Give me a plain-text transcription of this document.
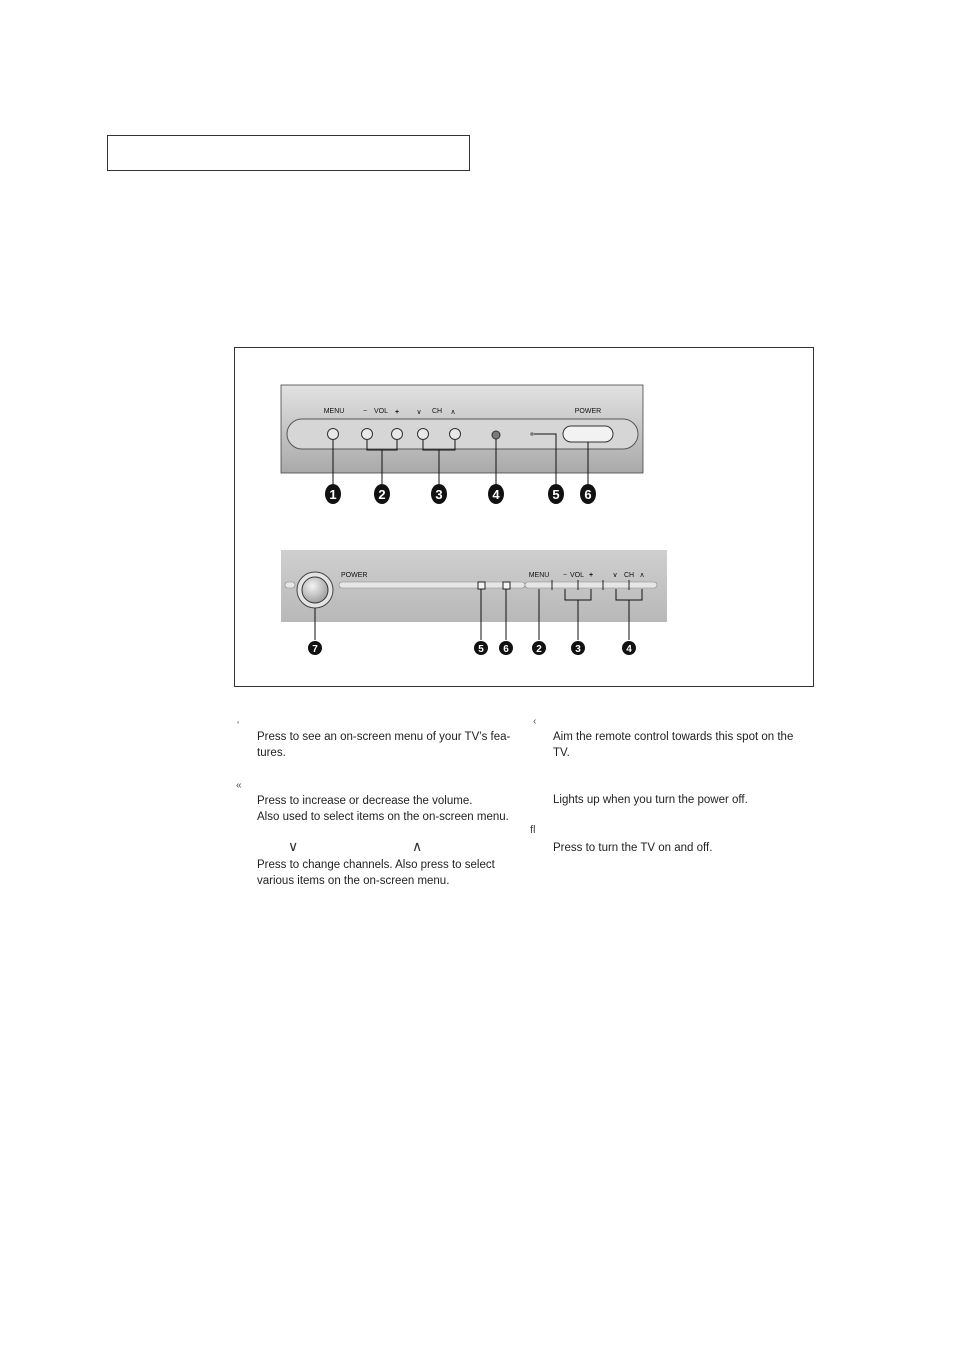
MENU	− VOL + ∨ CH ∧	POWER
1	2	3	4	5 6
POWER	MENU − VOL +	∨ CH ∧
7	5 6	2	3	4
‘
Press to see an on-screen menu of your TV’s fea-
tures.
«
Press to increase or decrease the volume.
Also used to select items on the on-screen menu.
∨	∧
Press to change channels. Also press to select
various items on the on-screen menu.
‹
Aim the remote control towards this spot on the
TV.
Lights up when you turn the power off.
ﬂ
Press to turn the TV on and off.
